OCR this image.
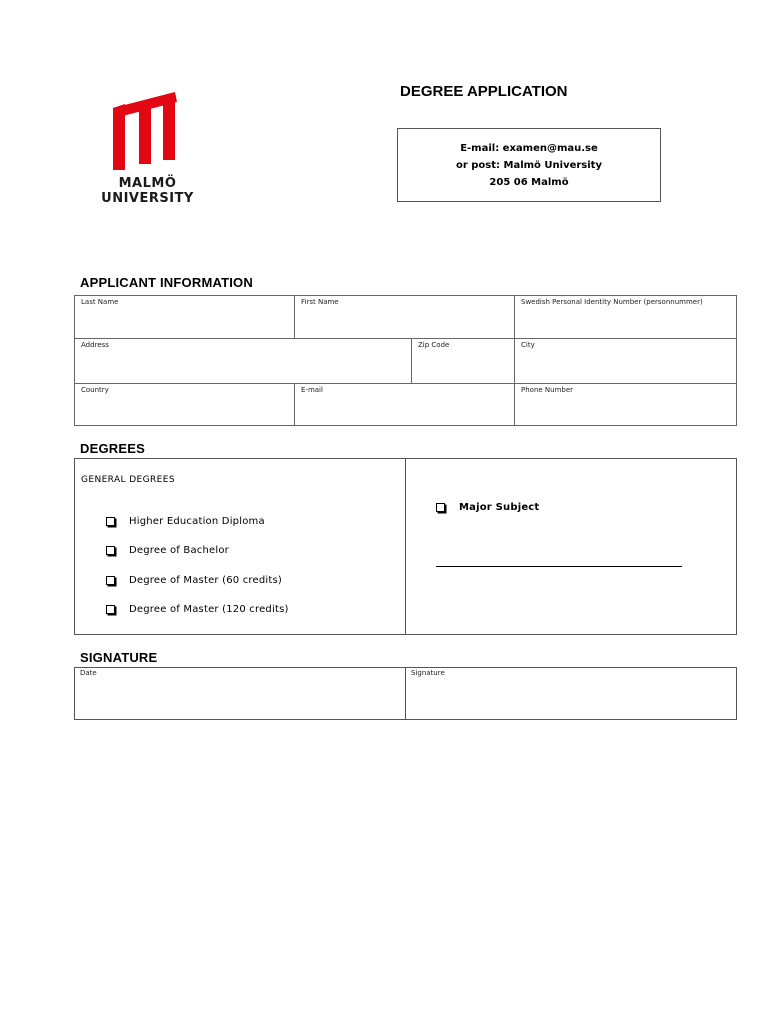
MALMÖ
UNIVERSITY
DEGREE APPLICATION
E-mail: examen@mau.se
or post: Malmö University
205 06 Malmö
APPLICANT INFORMATION
Last Name	First Name	Swedish Personal Identity Number (personnummer)
Address	Zip Code	City
Country	E-mail	Phone Number
DEGREES
GENERAL DEGREES
Higher Education Diploma
Degree of Bachelor
Degree of Master (60 credits)
Degree of Master (120 credits)
Major Subject
SIGNATURE
Date	Signature
